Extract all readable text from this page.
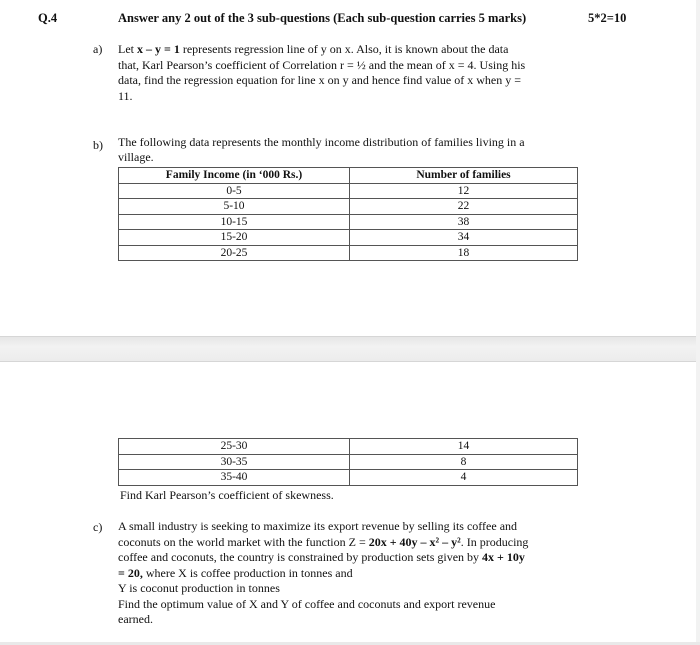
Q.4	Answer any 2 out of the 3 sub-questions (Each sub-question carries 5 marks)	5*2=10
a) Let x – y = 1 represents regression line of y on x. Also, it is known about the data
that, Karl Pearson’s coefficient of Correlation r = ½ and the mean of x = 4. Using his
data, find the regression equation for line x on y and hence find value of x when y =
11.
b) The following data represents the monthly income distribution of families living in a
village.
Family Income (in ‘000 Rs.)	Number of families
0-5	12
5-10	22
10-15	38
15-20	34
20-25	18
25-30	14
30-35	8
35-40	4
Find Karl Pearson’s coefficient of skewness.
c) A small industry is seeking to maximize its export revenue by selling its coffee and
coconuts on the world market with the function Z = 20x + 40y – x² – y². In producing
coffee and coconuts, the country is constrained by production sets given by 4x + 10y
= 20, where X is coffee production in tonnes and
Y is coconut production in tonnes
Find the optimum value of X and Y of coffee and coconuts and export revenue
earned.
